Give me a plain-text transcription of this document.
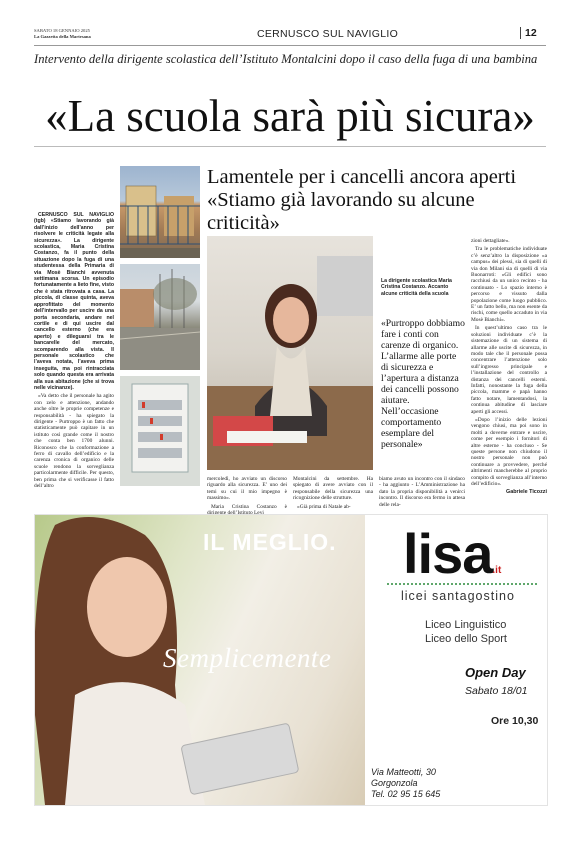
SABATO 18 GENNAIO 2025
La Gazzetta della Martesana	CERNUSCO SUL NAVIGLIO	12
Intervento della dirigente scolastica dell’Istituto Montalcini dopo il caso della fuga di una bambina
«La scuola sarà più sicura»
Lamentele per i cancelli ancora aperti
«Stiamo già lavorando su alcune criticità»

CERNUSCO SUL NAVIGLIO (tgb) «Stiamo lavorando già dall’inizio dell’anno per risolvere le criticità legate alla sicurezza». La dirigente scolastica, Maria Cristina Costanzo, fa il punto della situazione dopo la fuga di una studentessa della Primaria di via Mosè Bianchi avvenuta settimana scorsa. Un episodio fortunatamente a lieto fine, visto che è stata ritrovata a casa. La piccola, di classe quinta, aveva approfittato del momento dell’intervallo per uscire da una porta secondaria, andare nel cortile e di qui uscire dal cancello esterno (che era aperto) e dileguarsi tra le bancarelle del mercato, scomparendo alla vista. Il personale scolastico che l’aveva notata, l’aveva prima inseguita, ma poi rintracciata solo quando questa era arrivata alla sua abitazione (che si trova nelle vicinanze).

«Va detto che il personale ha agito con zelo e attenzione, andando anche oltre le proprie competenze e responsabilità - ha spiegato la dirigente - Purtroppo è un fatto che statisticamente può capitare in un istituto così grande come il nostro che conta ben 1700 alunni. Riconosco che la conformazione a ferro di cavallo dell’edificio e la carenza cronica di organico delle scuole rendono la sorveglianza particolarmente difficile. Per questo, ben prima che si verificasse il fatto dell’altro

La dirigente scolastica Maria Cristina Costanzo. Accanto alcune criticità della scuola
«Purtroppo dobbiamo fare i conti con carenze di organico. L’allarme alle porte di sicurezza e l’apertura a distanza dei cancelli possono aiutare. Nell’occasione comportamento esemplare del personale»

mercoledì, ho avviato un discorso riguardo alla sicurezza. E’ uno dei temi su cui il mio impegno è massimo».

Maria Cristina Costanzo è

Montalcini da settembre. Ha spiegato di avere avviato con il responsabile della sicurezza una ricognizione delle strutture.

«Già prima di Natale ab-

biamo avuto un incontro con il sindaco - ha aggiunto - L’Amministrazione ha dato la propria disponibilità a venirci incontro. Il discorso era fermo in attesa delle rela-

zioni dettagliate».

Tra le problematiche individuate c’è senz’altro la disposizione «a campus» dei plessi, sia di quelli di via don Milani sia di quelli di via Buonarroti: «Gli edifici sono racchiusi da un unico recinto - ha continuato - Lo spazio interno è percorso e vissuto dalla popolazione come luogo pubblico. E’ un fatto bello, ma non esente da rischi, come quello accaduto in via Mosè Bianchi».

In quest’ultimo caso tra le soluzioni individuate c’è la sistemazione di un sistema di allarme alle uscite di sicurezza, in modo tale che il personale possa concentrare l’attenzione solo sull’ingresso principale e l’installazione del controllo a distanza dei cancelli esterni. Infatti, nonostante la fuga della piccola, mamme e papà hanno fatto notare, lamentandosi, la continua abitudine di lasciare aperti gli accessi.

«Dopo l’inizio delle lezioni vengono chiusi, ma poi sono in molti a doverne entrare e uscire, come per esempio i fornitori di altre esterne - ha concluso - Se queste persone non chiudono il nostro personale non può continuare a provvedere, perché altrimenti mancherebbe al proprio compito di sorveglianza all’interno dell’edificio».

Gabriele Ticozzi
IL MEGLIO.
Semplicemente
lisa.it
licei santagostino
Liceo Linguistico
Liceo dello Sport
Open Day
Sabato 18/01
Ore 10,30
Via Matteotti, 30
Gorgonzola
Tel. 02 95 15 645
